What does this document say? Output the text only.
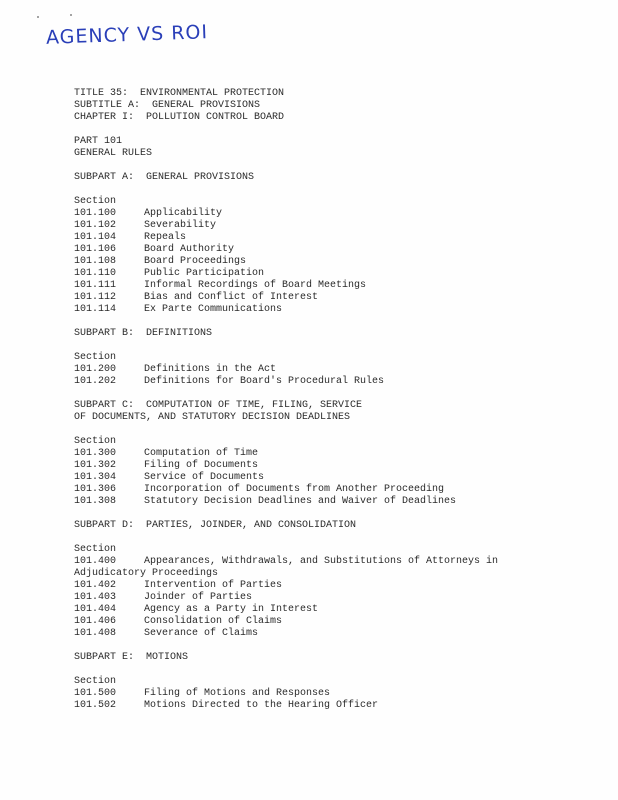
AGENCY VS ROI
TITLE 35:  ENVIRONMENTAL PROTECTION
SUBTITLE A:  GENERAL PROVISIONS
CHAPTER I:  POLLUTION CONTROL BOARD
PART 101
GENERAL RULES
SUBPART A:  GENERAL PROVISIONS
Section
101.100	Applicability
101.102	Severability
101.104	Repeals
101.106	Board Authority
101.108	Board Proceedings
101.110	Public Participation
101.111	Informal Recordings of Board Meetings
101.112	Bias and Conflict of Interest
101.114	Ex Parte Communications
SUBPART B:  DEFINITIONS
Section
101.200	Definitions in the Act
101.202	Definitions for Board's Procedural Rules
SUBPART C:  COMPUTATION OF TIME, FILING, SERVICE
OF DOCUMENTS, AND STATUTORY DECISION DEADLINES
Section
101.300	Computation of Time
101.302	Filing of Documents
101.304	Service of Documents
101.306	Incorporation of Documents from Another Proceeding
101.308	Statutory Decision Deadlines and Waiver of Deadlines
SUBPART D:  PARTIES, JOINDER, AND CONSOLIDATION
Section
101.400	Appearances, Withdrawals, and Substitutions of Attorneys in
Adjudicatory Proceedings
101.402	Intervention of Parties
101.403	Joinder of Parties
101.404	Agency as a Party in Interest
101.406	Consolidation of Claims
101.408	Severance of Claims
SUBPART E:  MOTIONS
Section
101.500	Filing of Motions and Responses
101.502	Motions Directed to the Hearing Officer
